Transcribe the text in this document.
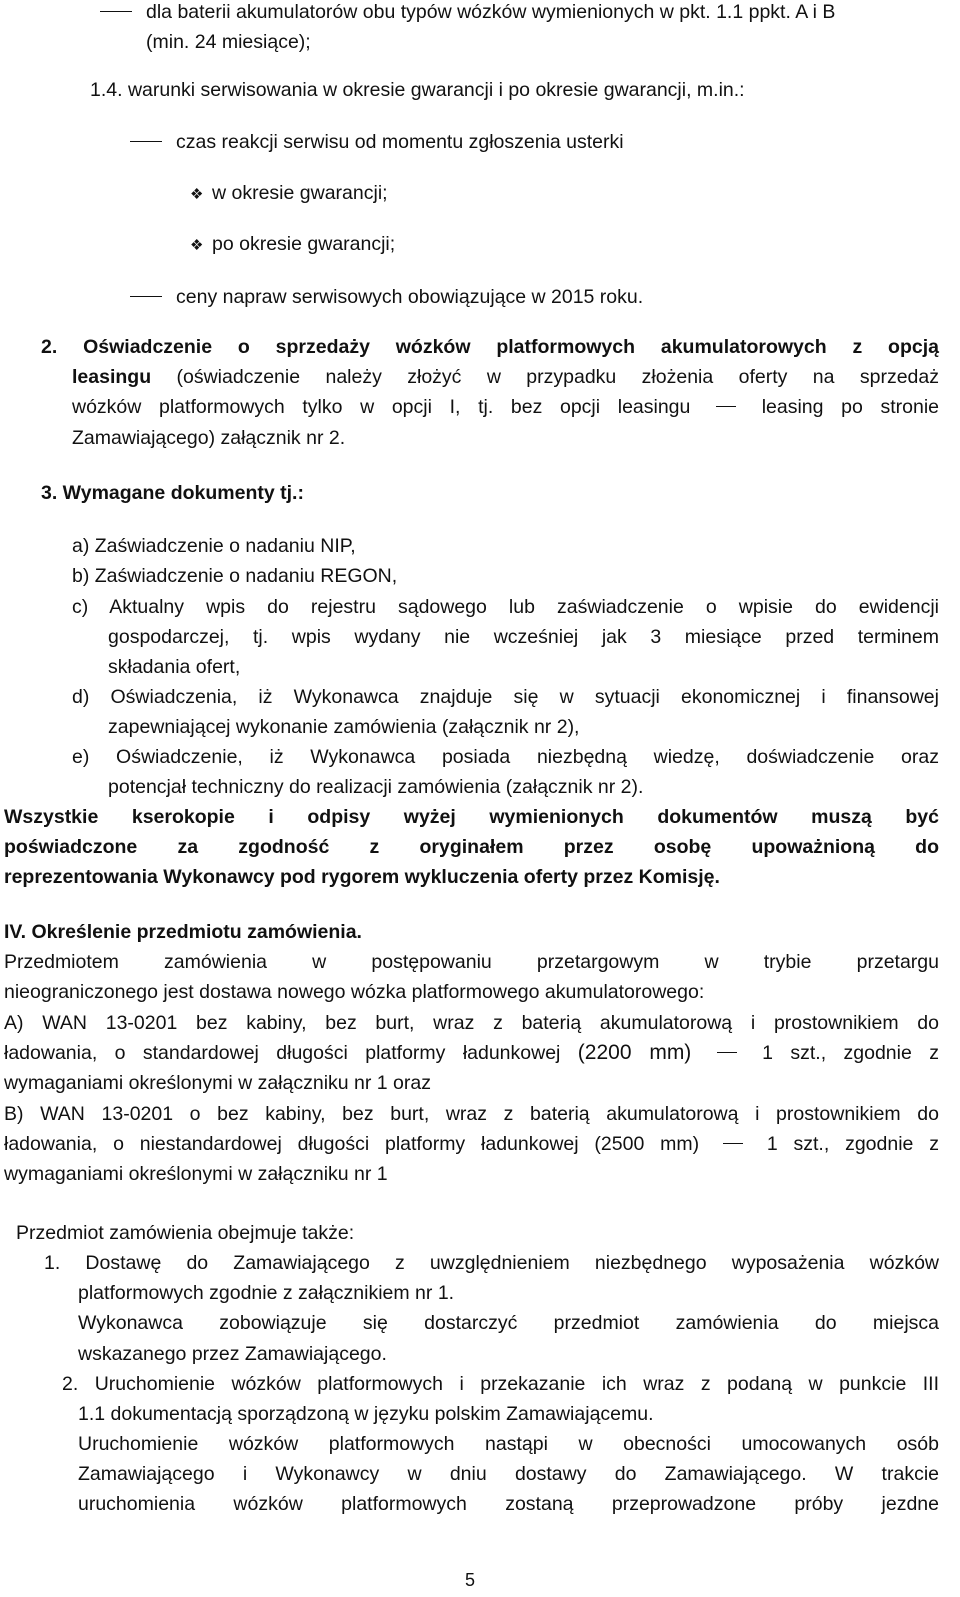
dla baterii akumulatorów obu typów wózków wymienionych w pkt. 1.1 ppkt. A i B
(min. 24 miesiące);
1.4. warunki serwisowania w okresie gwarancji i po okresie gwarancji, m.in.:
czas reakcji serwisu od momentu zgłoszenia usterki
❖ w okresie gwarancji;
❖ po okresie gwarancji;
ceny napraw serwisowych obowiązujące w 2015 roku.
2. Oświadczenie o sprzedaży wózków platformowych akumulatorowych z opcją
leasingu (oświadczenie należy złożyć w przypadku złożenia oferty na sprzedaż
wózków platformowych tylko w opcji I, tj. bez opcji leasingu	leasing po stronie
Zamawiającego) załącznik nr 2.
3. Wymagane dokumenty tj.:
a) Zaświadczenie o nadaniu NIP,
b) Zaświadczenie o nadaniu REGON,
c) Aktualny wpis do rejestru sądowego lub zaświadczenie o wpisie do ewidencji
gospodarczej, tj. wpis wydany nie wcześniej jak 3 miesiące przed terminem
składania ofert,
d) Oświadczenia, iż Wykonawca znajduje się w sytuacji ekonomicznej i finansowej
zapewniającej wykonanie zamówienia (załącznik nr 2),
e) Oświadczenie, iż Wykonawca posiada niezbędną wiedzę, doświadczenie oraz
potencjał techniczny do realizacji zamówienia (załącznik nr 2).
Wszystkie kserokopie i odpisy wyżej wymienionych dokumentów muszą być
poświadczone za zgodność z oryginałem przez osobę upoważnioną do
reprezentowania Wykonawcy pod rygorem wykluczenia oferty przez Komisję.
IV. Określenie przedmiotu zamówienia.
Przedmiotem zamówienia w postępowaniu przetargowym w trybie przetargu
nieograniczonego jest dostawa nowego wózka platformowego akumulatorowego:
A) WAN 13-0201 bez kabiny, bez burt, wraz z baterią akumulatorową i prostownikiem do
ładowania, o standardowej długości platformy ładunkowej (2200 mm)	1 szt., zgodnie z
wymaganiami określonymi w załączniku nr 1 oraz
B) WAN 13-0201 o bez kabiny, bez burt, wraz z baterią akumulatorową i prostownikiem do
ładowania, o niestandardowej długości platformy ładunkowej (2500 mm)	1 szt., zgodnie z
wymaganiami określonymi w załączniku nr 1
Przedmiot zamówienia obejmuje także:
1. Dostawę do Zamawiającego z uwzględnieniem niezbędnego wyposażenia wózków
platformowych zgodnie z załącznikiem nr 1.
Wykonawca zobowiązuje się dostarczyć przedmiot zamówienia do miejsca
wskazanego przez Zamawiającego.
2. Uruchomienie wózków platformowych i przekazanie ich wraz z podaną w punkcie III
1.1 dokumentacją sporządzoną w języku polskim Zamawiającemu.
Uruchomienie wózków platformowych nastąpi w obecności umocowanych osób
Zamawiającego i Wykonawcy w dniu dostawy do Zamawiającego. W trakcie
uruchomienia wózków platformowych zostaną przeprowadzone próby jezdne
5
